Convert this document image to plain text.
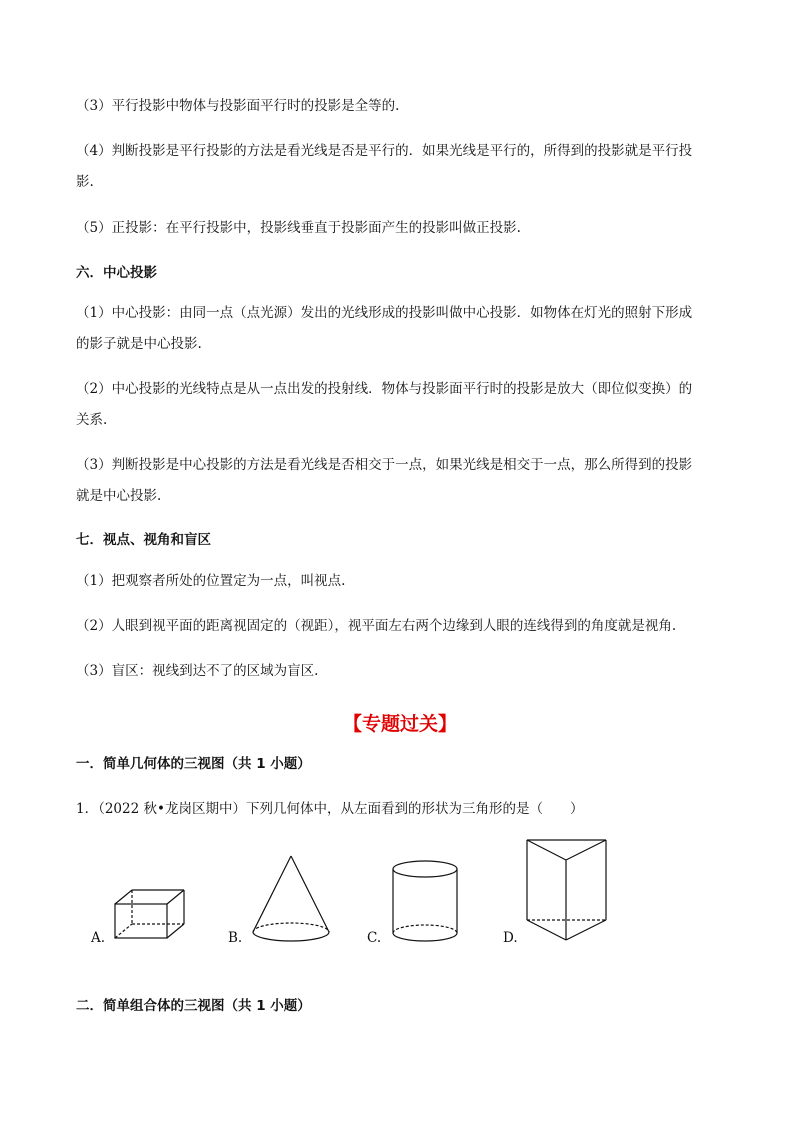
（3）平行投影中物体与投影面平行时的投影是全等的.
（4）判断投影是平行投影的方法是看光线是否是平行的．如果光线是平行的，所得到的投影就是平行投
影.
（5）正投影：在平行投影中，投影线垂直于投影面产生的投影叫做正投影.
六．中心投影
（1）中心投影：由同一点（点光源）发出的光线形成的投影叫做中心投影．如物体在灯光的照射下形成
的影子就是中心投影.
（2）中心投影的光线特点是从一点出发的投射线．物体与投影面平行时的投影是放大（即位似变换）的
关系.
（3）判断投影是中心投影的方法是看光线是否相交于一点，如果光线是相交于一点，那么所得到的投影
就是中心投影.
七．视点、视角和盲区
（1）把观察者所处的位置定为一点，叫视点.
（2）人眼到视平面的距离视固定的（视距），视平面左右两个边缘到人眼的连线得到的角度就是视角.
（3）盲区：视线到达不了的区域为盲区.
【专题过关】
一．简单几何体的三视图（共 1 小题）
1．（2022 秋•龙岗区期中）下列几何体中，从左面看到的形状为三角形的是（　　）
A.	B.	C.	D.
二．简单组合体的三视图（共 1 小题）
